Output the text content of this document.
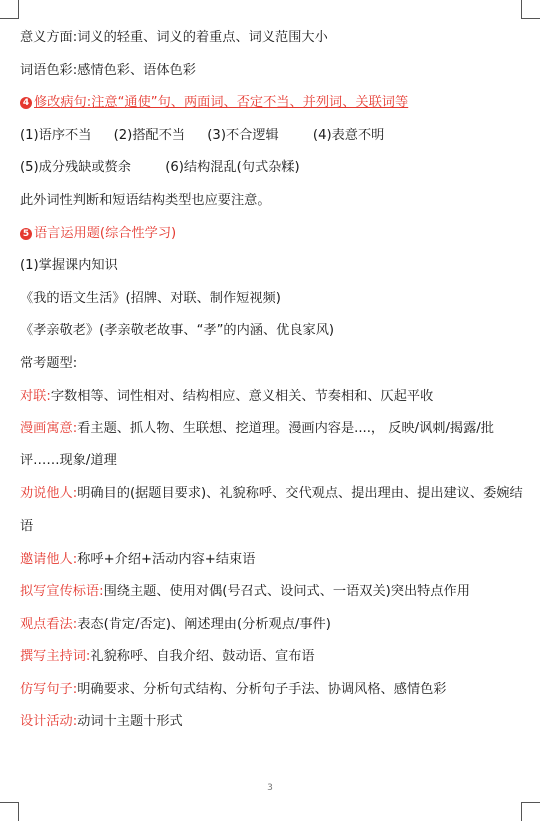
意义方面:词义的轻重、词义的着重点、词义范围大小
词语色彩:感情色彩、语体色彩
4 修改病句:注意“通使”句、两面词、否定不当、并列词、关联词等
(1)语序不当 (2)搭配不当 (3)不合逻辑	(4)表意不明
(5)成分残缺或赘余	(6)结构混乱(句式杂糅)
此外词性判断和短语结构类型也应要注意。
5 语言运用题(综合性学习)
(1)掌握课内知识
《我的语文生活》(招牌、对联、制作短视频)
《孝亲敬老》(孝亲敬老故事、“孝”的内涵、优良家风)
常考题型:
对联:字数相等、词性相对、结构相应、意义相关、节奏相和、仄起平收
漫画寓意:看主题、抓人物、生联想、挖道理。漫画内容是....， 反映/讽刺/揭露/批评……现象/道理
劝说他人:明确目的(据题目要求)、礼貌称呼、交代观点、提出理由、提出建议、委婉结语
邀请他人:称呼+介绍+活动内容+结束语
拟写宣传标语:围绕主题、使用对偶(号召式、设问式、一语双关)突出特点作用
观点看法:表态(肯定/否定)、阐述理由(分析观点/事件)
撰写主持词:礼貌称呼、自我介绍、鼓动语、宣布语
仿写句子:明确要求、分析句式结构、分析句子手法、协调风格、感情色彩
设计活动:动词十主题十形式
3
